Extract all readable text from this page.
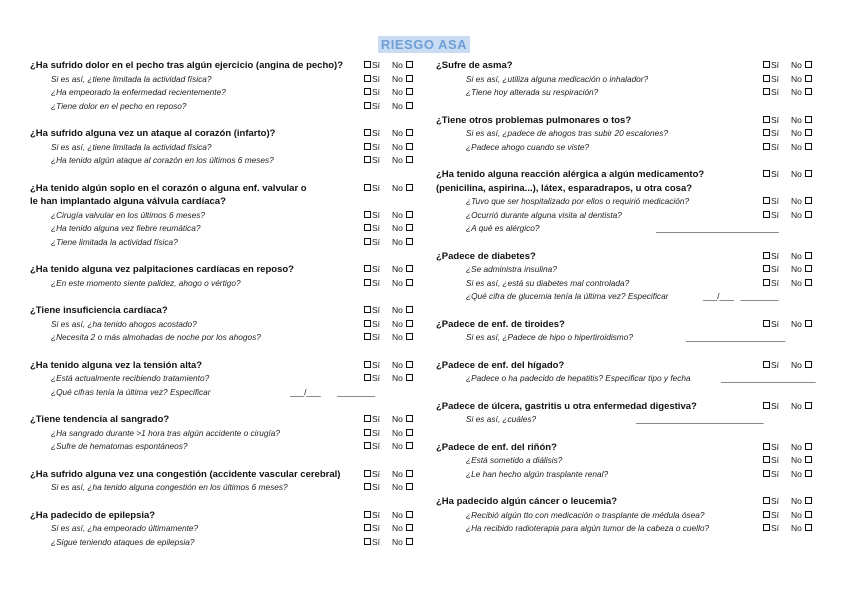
RIESGO ASA
¿Ha sufrido dolor en el pecho tras algún ejercicio (angina de pecho)?	Sí No
Si es así, ¿tiene limitada la actividad física?	Sí No
¿Ha empeorado la enfermedad recientemente?	Sí No
¿Tiene dolor en el pecho en reposo?	Sí No
¿Ha sufrido alguna vez un ataque al corazón (infarto)?	Sí No
Si es así, ¿tiene limitada la actividad física?	Sí No
¿Ha tenido algún ataque al corazón en los últimos 6 meses?	Sí No
¿Ha tenido algún soplo en el corazón o alguna enf. valvular o	Sí No
le han implantado alguna válvula cardíaca?
¿Cirugía valvular en los últimos 6 meses?	Sí No
¿Ha tenido alguna vez fiebre reumática?	Sí No
¿Tiene limitada la actividad física?	Sí No
¿Ha tenido alguna vez palpitaciones cardíacas en reposo?	Sí No
¿En este momento siente palidez, ahogo o vértigo?	Sí No
¿Tiene insuficiencia cardíaca?	Sí No
Si es así, ¿ha tenido ahogos acostado?	Sí No
¿Necesita 2 o más almohadas de noche por los ahogos?	Sí No
¿Ha tenido alguna vez la tensión alta?	Sí No
¿Está actualmente recibiendo tratamiento?	Sí No
¿Qué cifras tenía la última vez? Especificar	___/___       ________
¿Tiene tendencia al sangrado?	Sí No
¿Ha sangrado durante >1 hora tras algún accidente o cirugía?	Sí No
¿Sufre de hematomas espontáneos?	Sí No
¿Ha sufrido alguna vez una congestión (accidente vascular cerebral)	Sí No
Si es así, ¿ha tenido alguna congestión en los últimos 6 meses?	Sí No
¿Ha padecido de epilepsia?	Sí No
Si es así, ¿ha empeorado últimamente?	Sí No
¿Sigue teniendo ataques de epilepsia?	Sí No
¿Sufre de asma?	Sí No
Si es así, ¿utiliza alguna medicación o inhalador?	Sí No
¿Tiene hoy alterada su respiración?	Sí No
¿Tiene otros problemas pulmonares o tos?	Sí No
Si es así, ¿padece de ahogos tras subir 20 escalones?	Sí No
¿Padece ahogo cuando se viste?	Sí No
¿Ha tenido alguna reacción alérgica a algún medicamento?	Sí No
(penicilina, aspirina...), látex, esparadrapos, u otra cosa?
¿Tuvo que ser hospitalizado por ellos o requirió medicación?	Sí No
¿Ocurrió durante alguna visita al dentista?	Sí No
¿A qué es alérgico?	__________________________
¿Padece de diabetes?	Sí No
¿Se administra insulina?	Sí No
Si es así, ¿está su diabetes mal controlada?	Sí No
¿Qué cifra de glucemia tenía la última vez? Especificar	___/___   ________
¿Padece de enf. de tiroides?	Sí No
Si es así, ¿Padece de hipo o hipertiroidismo?	_____________________
¿Padece de enf. del hígado?	Sí No
¿Padece o ha padecido de hepatitis? Especificar tipo y fecha	____________________
¿Padece de úlcera, gastritis u otra enfermedad digestiva?	Sí No
Si es así, ¿cuáles?	___________________________
¿Padece de enf. del riñón?	Sí No
¿Está sometido a diálisis?	Sí No
¿Le han hecho algún trasplante renal?	Sí No
¿Ha padecido algún cáncer o leucemia?	Sí No
¿Recibió algún tto con medicación o trasplante de médula ósea?	Sí No
¿Ha recibido radioterapia para algún tumor de la cabeza o cuello?	Sí No
